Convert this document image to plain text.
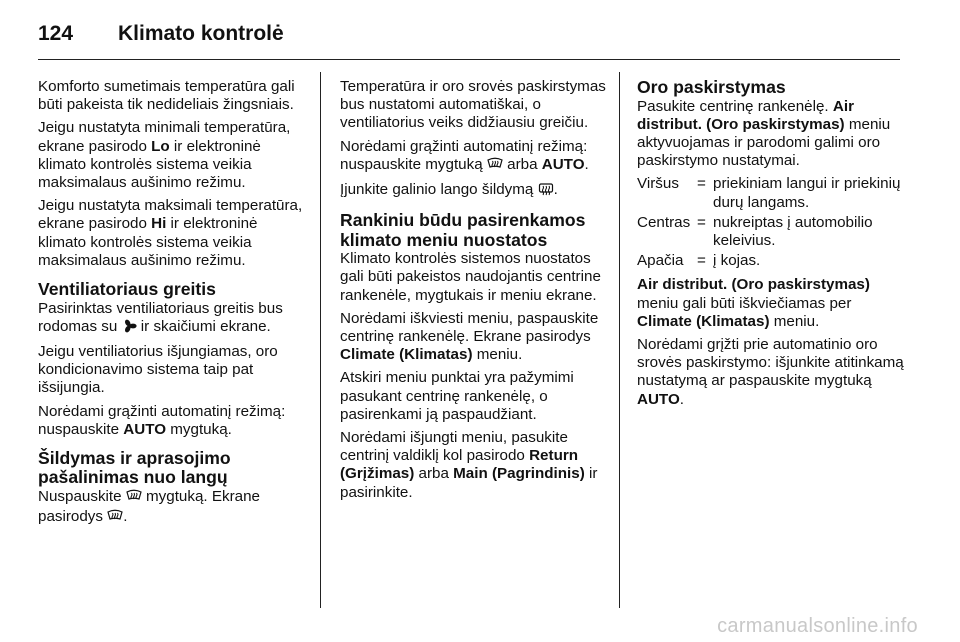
124	Klimato kontrolė

Komforto sumetimais temperatūra gali būti pakeista tik nedideliais žingsniais.

Jeigu nustatyta minimali temperatūra, ekrane pasirodo Lo ir elektroninė klimato kontrolės sistema veikia maksimalaus aušinimo režimu.

Jeigu nustatyta maksimali temperatūra, ekrane pasirodo Hi ir elektroninė klimato kontrolės sistema veikia maksimalaus aušinimo režimu.

Ventiliatoriaus greitis

Pasirinktas ventiliatoriaus greitis bus rodomas su  ir skaičiumi ekrane.

Jeigu ventiliatorius išjungiamas, oro kondicionavimo sistema taip pat išsijungia.

Norėdami grąžinti automatinį režimą: nuspauskite AUTO mygtuką.

Šildymas ir aprasojimo pašalinimas nuo langų

Nuspauskite  mygtuką. Ekrane pasirodys .

Temperatūra ir oro srovės paskirstymas bus nustatomi automatiškai, o ventiliatorius veiks didžiausiu greičiu.

Norėdami grąžinti automatinį režimą: nuspauskite mygtuką  arba AUTO.

Įjunkite galinio lango šildymą .

Rankiniu būdu pasirenkamos klimato meniu nuostatos

Klimato kontrolės sistemos nuostatos gali būti pakeistos naudojantis centrine rankenėle, mygtukais ir meniu ekrane.

Norėdami iškviesti meniu, paspauskite centrinę rankenėlę. Ekrane pasirodys Climate (Klimatas) meniu.

Atskiri meniu punktai yra pažymimi pasukant centrinę rankenėlę, o pasirenkami ją paspaudžiant.

Norėdami išjungti meniu, pasukite centrinį valdiklį kol pasirodo Return (Grįžimas) arba Main (Pagrindinis) ir pasirinkite.

Oro paskirstymas

Pasukite centrinę rankenėlę. Air distribut. (Oro paskirstymas) meniu aktyvuojamas ir parodomi galimi oro paskirstymo nustatymai.

Viršus	= priekiniam langui ir priekinių durų langams.
Centras = nukreiptas į automobilio keleivius.
Apačia = į kojas.

Air distribut. (Oro paskirstymas) meniu gali būti iškviečiamas per Climate (Klimatas) meniu.

Norėdami grįžti prie automatinio oro srovės paskirstymo: išjunkite atitinkamą nustatymą ar paspauskite mygtuką AUTO.

carmanualsonline.info
